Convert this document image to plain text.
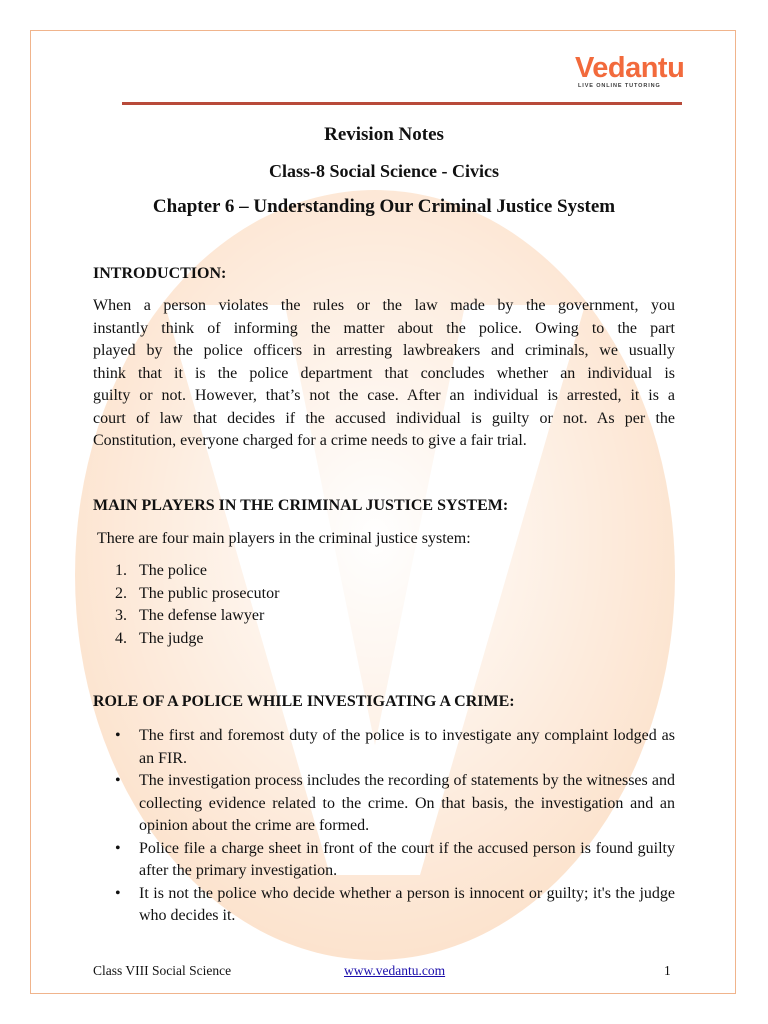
Vedantu
LIVE ONLINE TUTORING
Revision Notes
Class-8 Social Science - Civics
Chapter 6 – Understanding Our Criminal Justice System
INTRODUCTION:
When a person violates the rules or the law made by the government, you
instantly think of informing the matter about the police. Owing to the part
played by the police officers in arresting lawbreakers and criminals, we usually
think that it is the police department that concludes whether an individual is
guilty or not. However, that’s not the case. After an individual is arrested, it is a
court of law that decides if the accused individual is guilty or not. As per the
Constitution, everyone charged for a crime needs to give a fair trial.
MAIN PLAYERS IN THE CRIMINAL JUSTICE SYSTEM:
There are four main players in the criminal justice system:
1. The police
2. The public prosecutor
3. The defense lawyer
4. The judge
ROLE OF A POLICE WHILE INVESTIGATING A CRIME:
• The first and foremost duty of the police is to investigate any complaint lodged as an FIR.
• The investigation process includes the recording of statements by the witnesses and collecting evidence related to the crime. On that basis, the investigation and an opinion about the crime are formed.
• Police file a charge sheet in front of the court if the accused person is found guilty after the primary investigation.
• It is not the police who decide whether a person is innocent or guilty; it's the judge who decides it.
Class VIII Social Science	www.vedantu.com	1
